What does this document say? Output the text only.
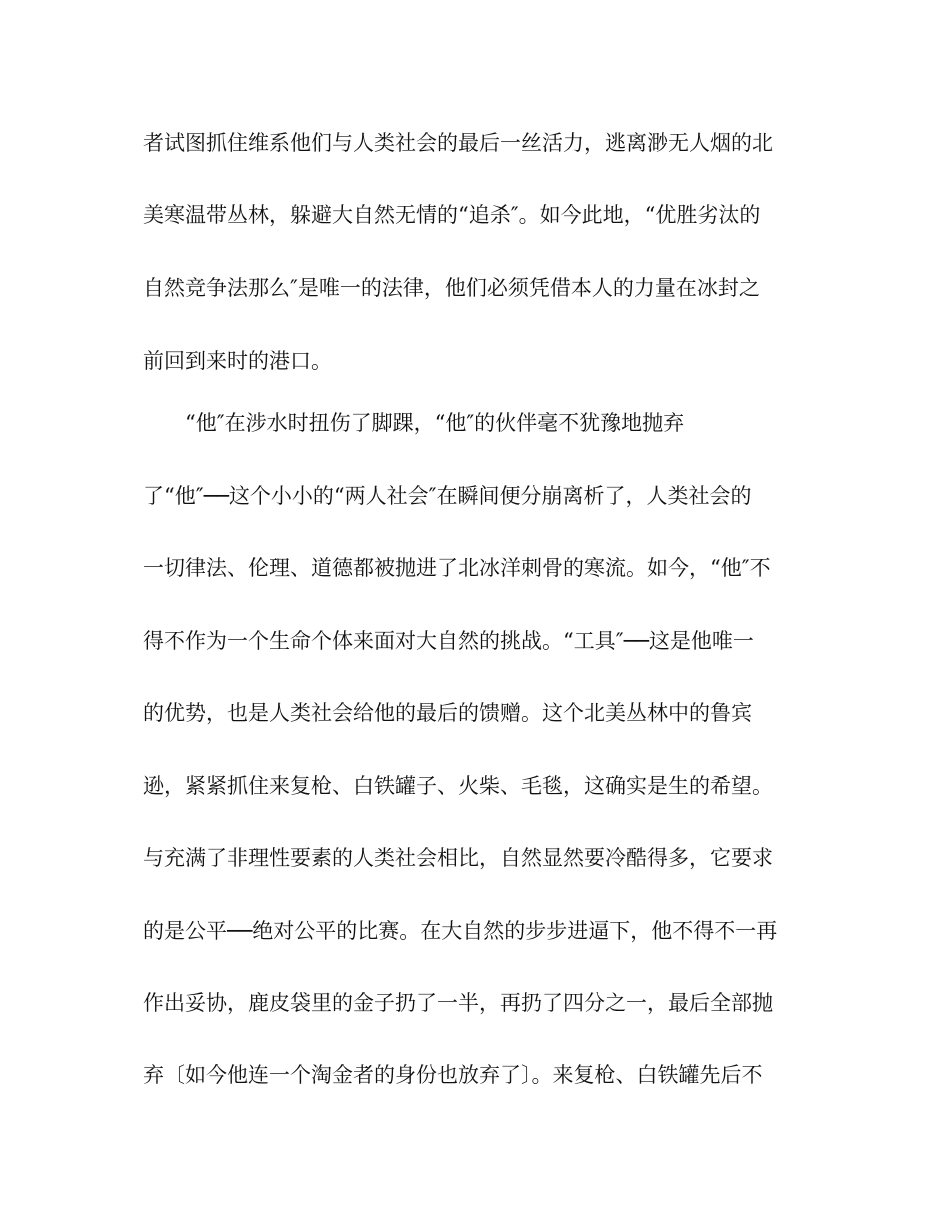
者试图抓住维系他们与人类社会的最后一丝活力，逃离渺无人烟的北
美寒温带丛林，躲避大自然无情的“追杀″。如今此地，“优胜劣汰的
自然竞争法那么″是唯一的法律，他们必须凭借本人的力量在冰封之
前回到来时的港口。
“他″在涉水时扭伤了脚踝，“他″的伙伴毫不犹豫地抛弃
了“他″──这个小小的“两人社会″在瞬间便分崩离析了，人类社会的
一切律法、伦理、道德都被抛进了北冰洋刺骨的寒流。如今，“他″不
得不作为一个生命个体来面对大自然的挑战。“工具″──这是他唯一
的优势，也是人类社会给他的最后的馈赠。这个北美丛林中的鲁宾
逊，紧紧抓住来复枪、白铁罐子、火柴、毛毯，这确实是生的希望。
与充满了非理性要素的人类社会相比，自然显然要冷酷得多，它要求
的是公平──绝对公平的比赛。在大自然的步步进逼下，他不得不一再
作出妥协，鹿皮袋里的金子扔了一半，再扔了四分之一，最后全部抛
弃〔如今他连一个淘金者的身份也放弃了〕。来复枪、白铁罐先后不
